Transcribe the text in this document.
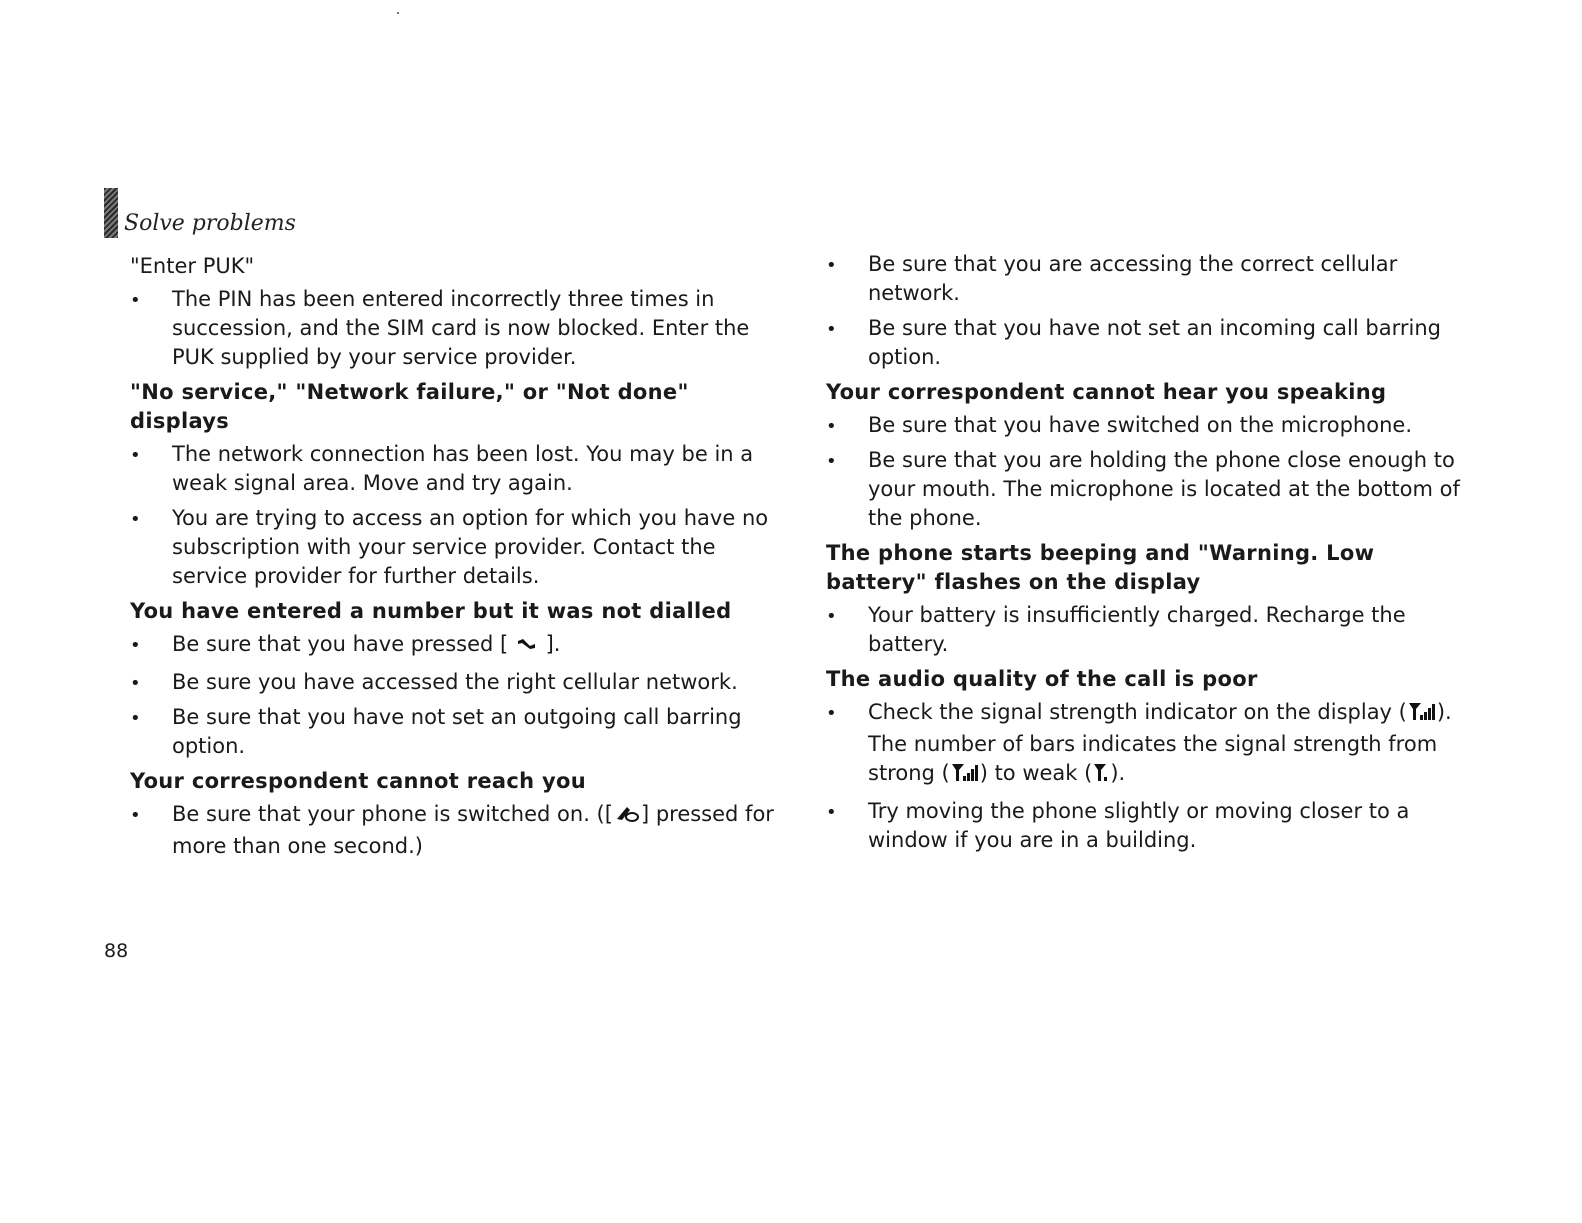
Solve problems
"Enter PUK"
•
The PIN has been entered incorrectly three times in succession, and the SIM card is now blocked. Enter the PUK supplied by your service provider.
"No service," "Network failure," or "Not done" displays
•
The network connection has been lost. You may be in a weak signal area. Move and try again.
•
You are trying to access an option for which you have no subscription with your service provider. Contact the service provider for further details.
You have entered a number but it was not dialled
•
Be sure that you have pressed [ ].
•
Be sure you have accessed the right cellular network.
•
Be sure that you have not set an outgoing call barring option.
Your correspondent cannot reach you
•
Be sure that your phone is switched on. ([ ] pressed for more than one second.)
•
Be sure that you are accessing the correct cellular network.
•
Be sure that you have not set an incoming call barring option.
Your correspondent cannot hear you speaking
•
Be sure that you have switched on the microphone.
•
Be sure that you are holding the phone close enough to your mouth. The microphone is located at the bottom of the phone.
The phone starts beeping and "Warning. Low battery" flashes on the display
•
Your battery is insufficiently charged. Recharge the battery.
The audio quality of the call is poor
•
Check the signal strength indicator on the display ( ). The number of bars indicates the signal strength from strong ( ) to weak ( ).
•
Try moving the phone slightly or moving closer to a window if you are in a building.
88
